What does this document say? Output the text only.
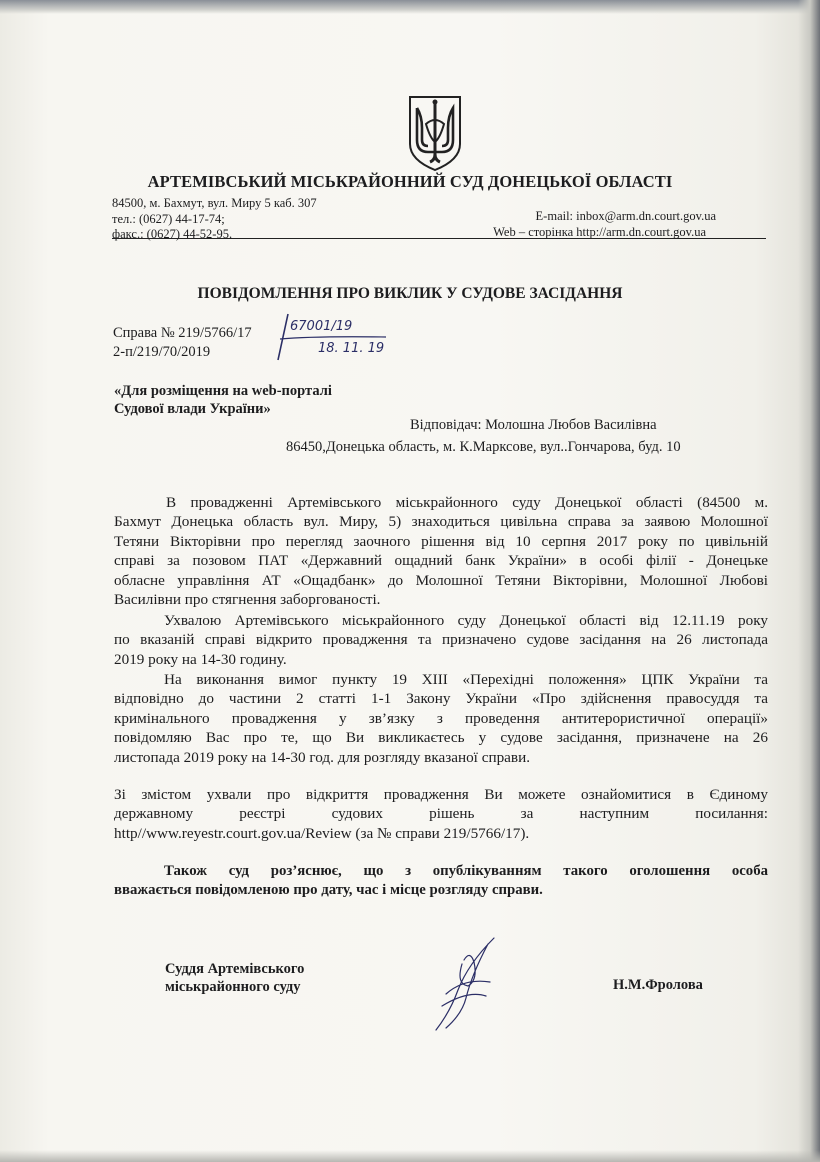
АРТЕМІВСЬКИЙ МІСЬКРАЙОННИЙ СУД ДОНЕЦЬКОЇ ОБЛАСТІ
84500, м. Бахмут, вул. Миру 5 каб. 307
тел.: (0627) 44-17-74;
факс.: (0627) 44-52-95.
E-mail: inbox@arm.dn.court.gov.ua
Web – сторінка http://arm.dn.court.gov.ua
ПОВІДОМЛЕННЯ ПРО ВИКЛИК У СУДОВЕ ЗАСІДАННЯ
Справа № 219/5766/17
2-п/219/70/2019
67001/19
18. 11. 19
«Для розміщення на web-порталі
Судової влади України»
Відповідач: Молошна Любов Василівна
86450,Донецька область, м. К.Марксове, вул..Гончарова, буд. 10
В провадженні Артемівського міськрайонного суду Донецької області (84500 м.
Бахмут Донецька область вул. Миру, 5) знаходиться цивільна справа за заявою Молошної
Тетяни Вікторівни про перегляд заочного рішення від 10 серпня 2017 року по цивільній
справі за позовом ПАТ «Державний ощадний банк України» в особі філії - Донецьке
обласне управління АТ «Ощадбанк» до Молошної Тетяни Вікторівни, Молошної Любові
Василівни про стягнення заборгованості.
Ухвалою Артемівського міськрайонного суду Донецької області від 12.11.19 року
по вказаній справі відкрито провадження та призначено судове засідання на 26 листопада
2019 року на 14-30 годину.
На виконання вимог пункту 19 ХIII «Перехідні положення» ЦПК України та
відповідно до частини 2 статті 1-1 Закону України «Про здійснення правосуддя та
кримінального провадження у зв’язку з проведення антитерористичної операції»
повідомляю Вас про те, що Ви викликаєтесь у судове засідання, призначене на 26
листопада 2019 року на 14-30 год. для розгляду вказаної справи.
Зі змістом ухвали про відкриття провадження Ви можете ознайомитися в Єдиному
державному реєстрі судових рішень за наступним посилання:
http//www.reyestr.court.gov.ua/Review (за № справи 219/5766/17).
Також суд роз’яснює, що з опублікуванням такого оголошення особа
вважається повідомленою про дату, час і місце розгляду справи.
Суддя Артемівського
міськрайонного суду	Н.М.Фролова
